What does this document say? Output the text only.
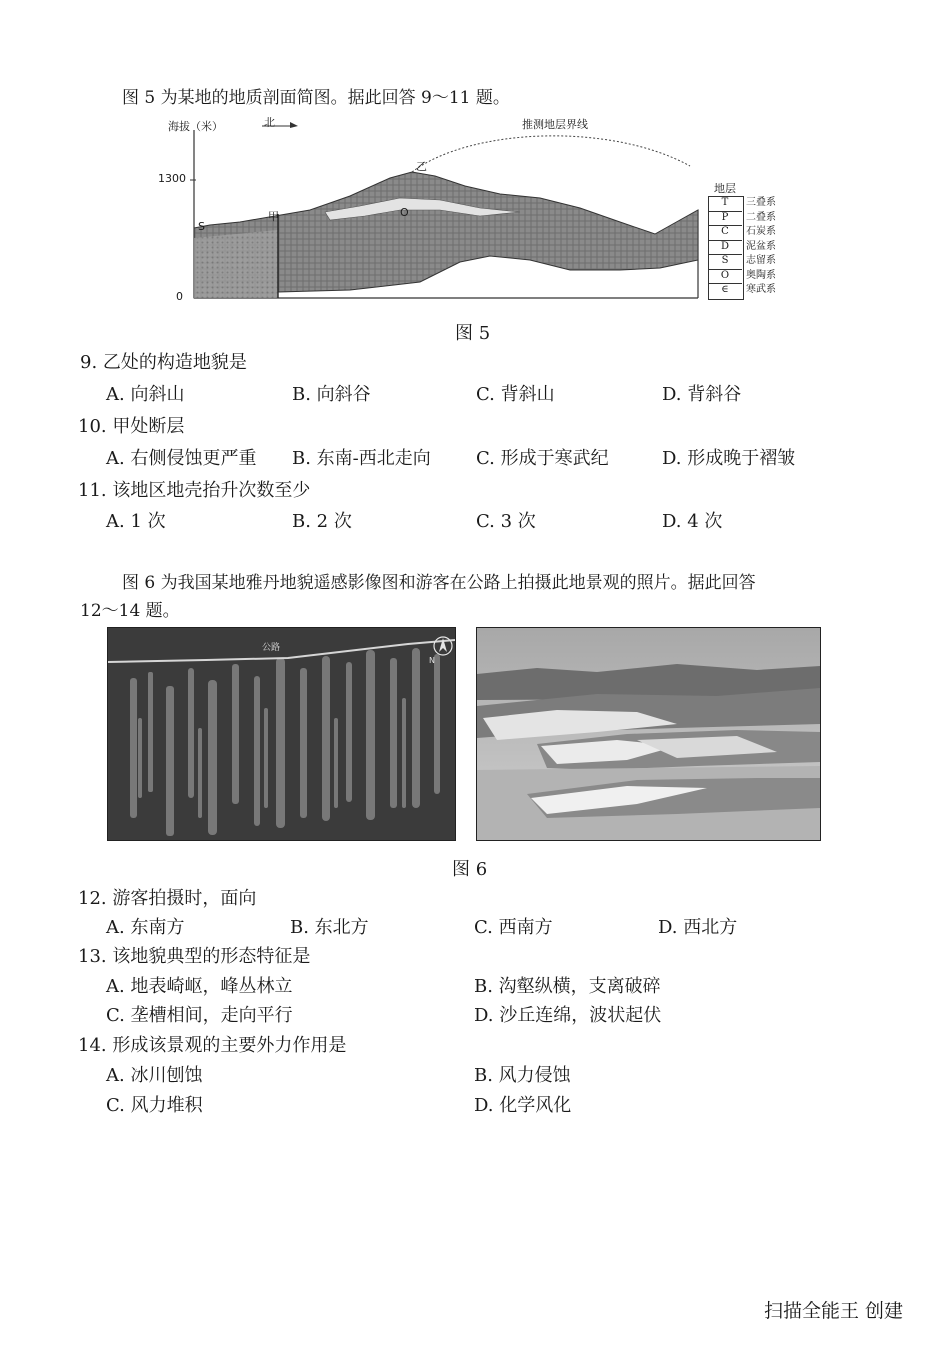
图 5 为某地的地质剖面简图。据此回答 9～11 题。
海拔（米）	北	推测地层界线
1300
0
甲
乙
O
S
地层
T	三叠系
P	二叠系
C	石炭系
D	泥盆系
S	志留系
O	奥陶系
∈	寒武系
图 5
9. 乙处的构造地貌是
A. 向斜山	B. 向斜谷	C. 背斜山	D. 背斜谷
10. 甲处断层
A. 右侧侵蚀更严重 B. 东南-西北走向	C. 形成于寒武纪	D. 形成晚于褶皱
11. 该地区地壳抬升次数至少
A. 1 次	B. 2 次	C. 3 次	D. 4 次
图 6 为我国某地雅丹地貌遥感影像图和游客在公路上拍摄此地景观的照片。据此回答
12～14 题。
公路
N
图 6
12. 游客拍摄时，面向
A. 东南方	B. 东北方	C. 西南方	D. 西北方
13. 该地貌典型的形态特征是
A. 地表崎岖，峰丛林立	B. 沟壑纵横，支离破碎
C. 垄槽相间，走向平行	D. 沙丘连绵，波状起伏
14. 形成该景观的主要外力作用是
A. 冰川刨蚀	B. 风力侵蚀
C. 风力堆积	D. 化学风化
扫描全能王 创建
